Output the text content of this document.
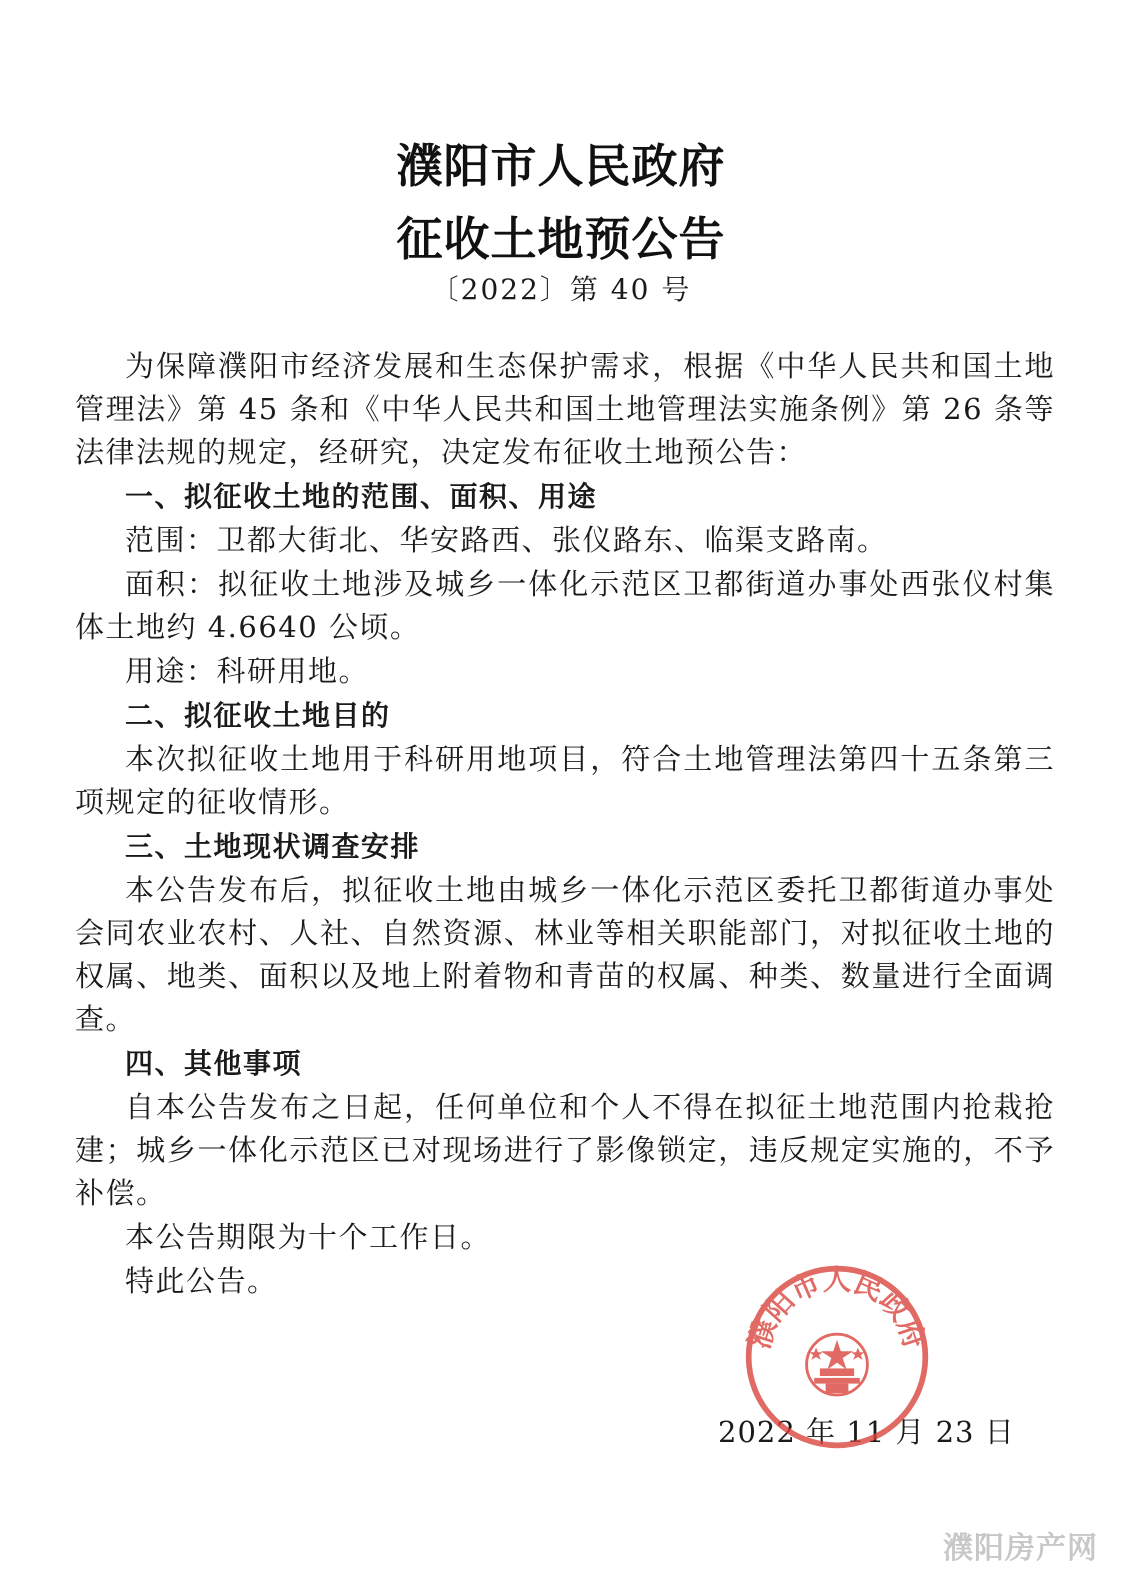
濮阳市人民政府
征收土地预公告
〔2022〕第 40 号

为保障濮阳市经济发展和生态保护需求，根据《中华人民共和国土地管理法》第 45 条和《中华人民共和国土地管理法实施条例》第 26 条等法律法规的规定，经研究，决定发布征收土地预公告：

一、拟征收土地的范围、面积、用途

范围：卫都大街北、华安路西、张仪路东、临渠支路南。

面积：拟征收土地涉及城乡一体化示范区卫都街道办事处西张仪村集体土地约 4.6640 公顷。

用途：科研用地。

二、拟征收土地目的

本次拟征收土地用于科研用地项目，符合土地管理法第四十五条第三项规定的征收情形。

三、土地现状调查安排

本公告发布后，拟征收土地由城乡一体化示范区委托卫都街道办事处会同农业农村、人社、自然资源、林业等相关职能部门，对拟征收土地的权属、地类、面积以及地上附着物和青苗的权属、种类、数量进行全面调查。

四、其他事项

自本公告发布之日起，任何单位和个人不得在拟征土地范围内抢栽抢建；城乡一体化示范区已对现场进行了影像锁定，违反规定实施的，不予补偿。

本公告期限为十个工作日。

特此公告。

2022 年 11 月 23 日
濮阳市人民政府
濮阳房产网
